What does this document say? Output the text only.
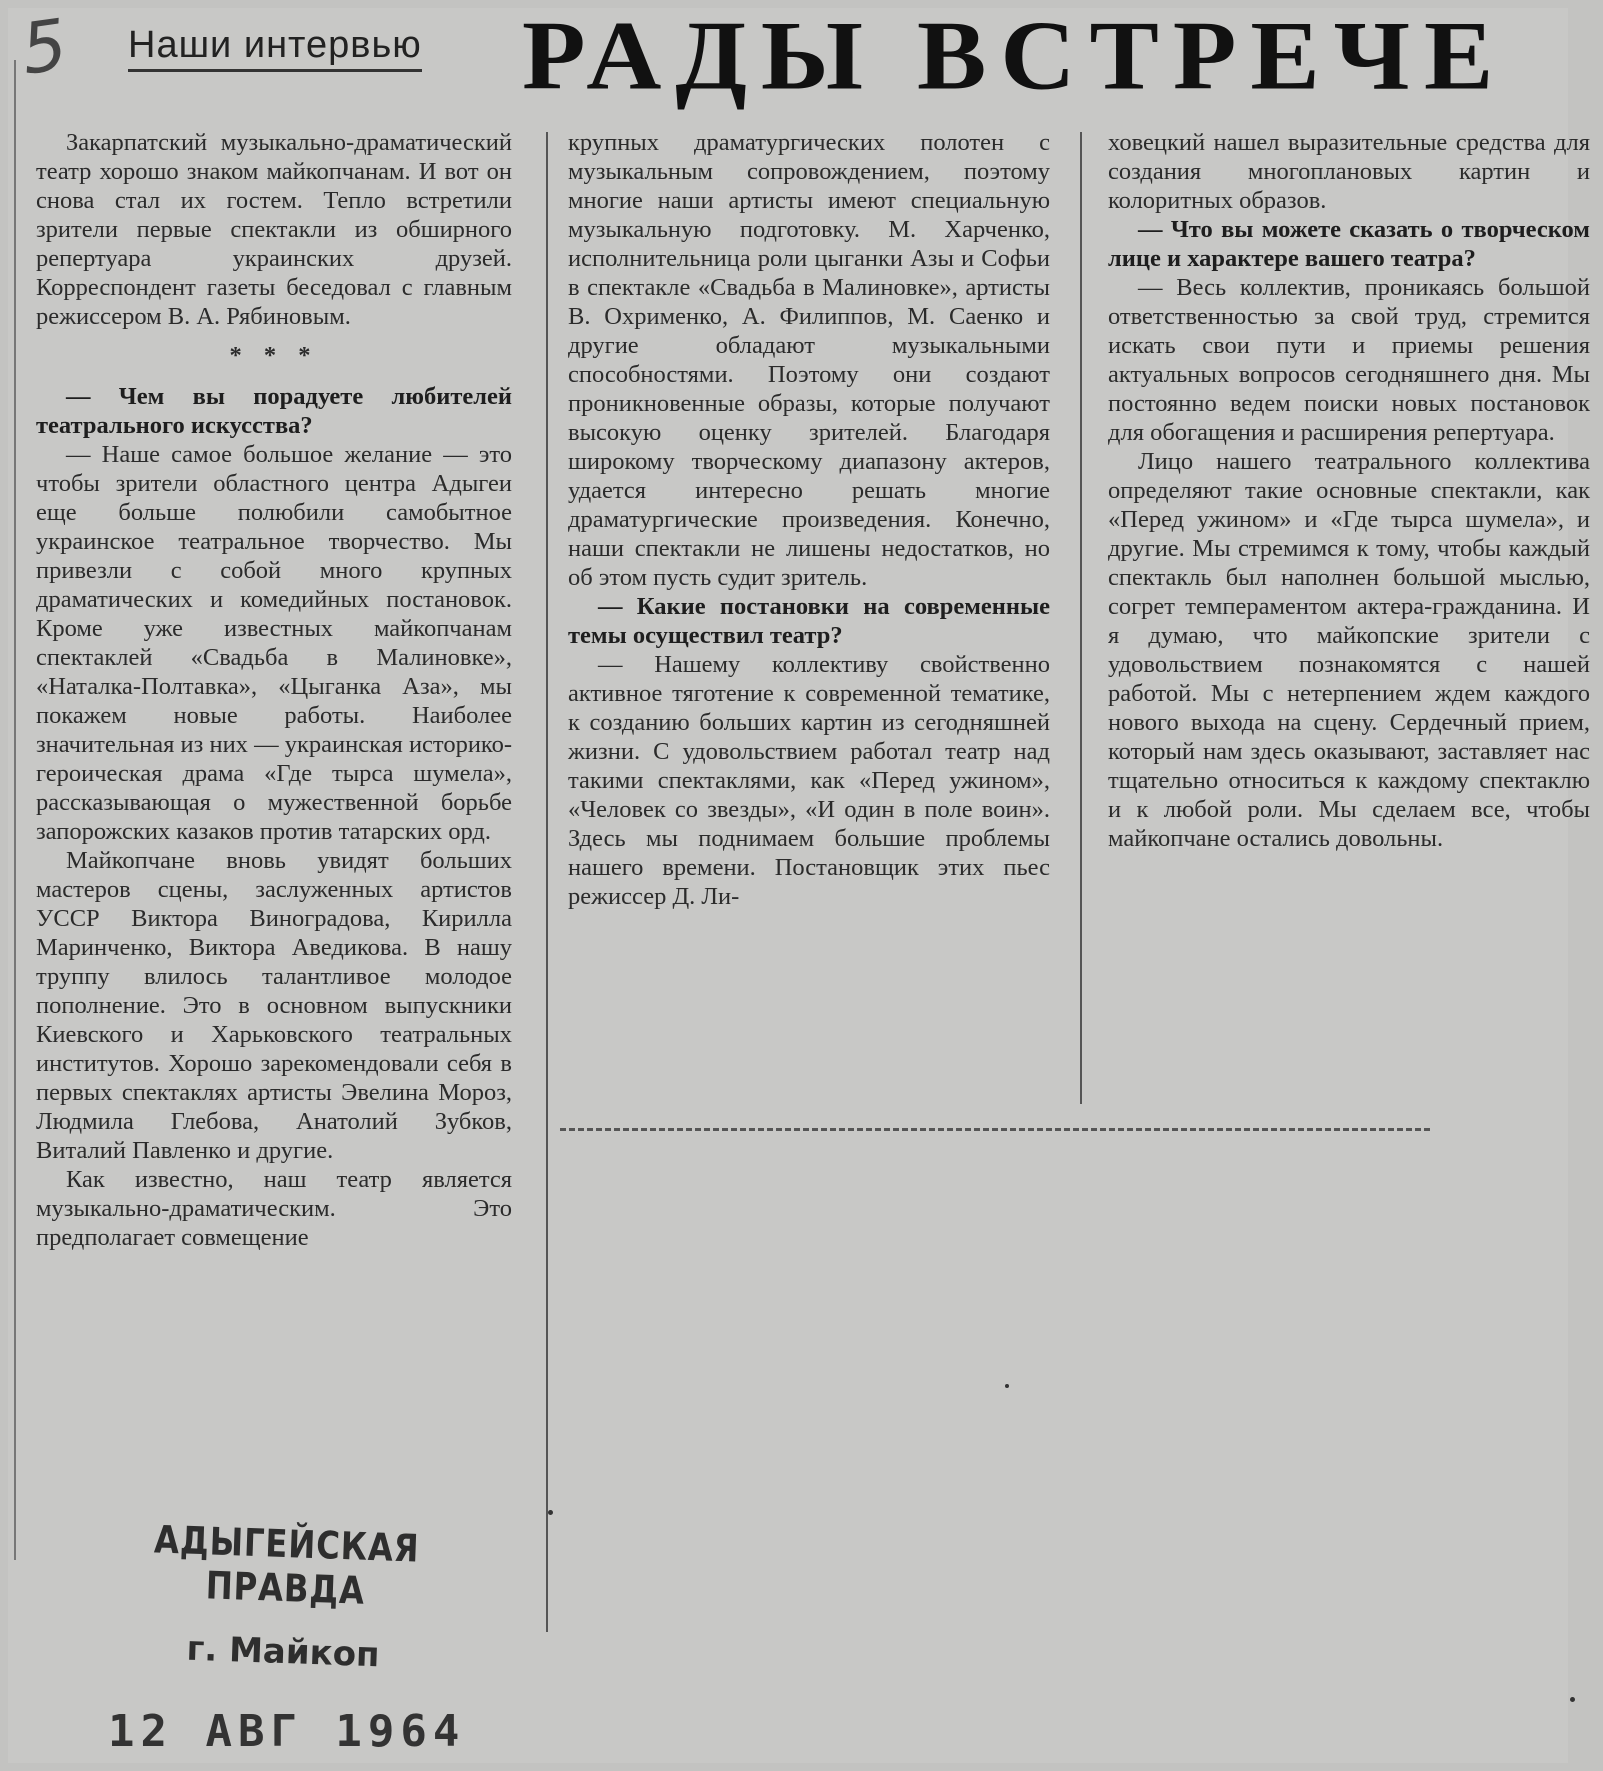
5 Наши интервью РАДЫ ВСТРЕЧЕ

Закарпатский музыкально-драматический театр хорошо знаком майкопчанам. И вот он снова стал их гостем. Тепло встретили зрители первые спектакли из обширного репертуара украинских друзей. Корреспондент газеты беседовал с главным режиссером В. А. Рябиновым.

* * *

— Чем вы порадуете любителей театрального искусства?

— Наше самое большое желание — это чтобы зрители областного центра Адыгеи еще больше полюбили самобытное украинское театральное творчество. Мы привезли с собой много крупных драматических и комедийных постановок. Кроме уже известных майкопчанам спектаклей «Свадьба в Малиновке», «Наталка-Полтавка», «Цыганка Аза», мы покажем новые работы. Наиболее значительная из них — украинская историко-героическая драма «Где тырса шумела», рассказывающая о мужественной борьбе запорожских казаков против татарских орд.

Майкопчане вновь увидят больших мастеров сцены, заслуженных артистов УССР Виктора Виноградова, Кирилла Маринченко, Виктора Аведикова. В нашу труппу влилось талантливое молодое пополнение. Это в основном выпускники Киевского и Харьковского театральных институтов. Хорошо зарекомендовали себя в первых спектаклях артисты Эвелина Мороз, Людмила Глебова, Анатолий Зубков, Виталий Павленко и другие.

Как известно, наш театр является музыкально-драматическим. Это предполагает совмещение

крупных драматургических полотен с музыкальным сопровождением, поэтому многие наши артисты имеют специальную музыкальную подготовку. М. Харченко, исполнительница роли цыганки Азы и Софьи в спектакле «Свадьба в Малиновке», артисты В. Охрименко, А. Филиппов, М. Саенко и другие обладают музыкальными способностями. Поэтому они создают проникновенные образы, которые получают высокую оценку зрителей. Благодаря широкому творческому диапазону актеров, удается интересно решать многие драматургические произведения. Конечно, наши спектакли не лишены недостатков, но об этом пусть судит зритель.

— Какие постановки на современные темы осуществил театр?

— Нашему коллективу свойственно активное тяготение к современной тематике, к созданию больших картин из сегодняшней жизни. С удовольствием работал театр над такими спектаклями, как «Перед ужином», «Человек со звезды», «И один в поле воин». Здесь мы поднимаем большие проблемы нашего времени. Постановщик этих пьес режиссер Д. Ли-

ховецкий нашел выразительные средства для создания многоплановых картин и колоритных образов.

— Что вы можете сказать о творческом лице и характере вашего театра?

— Весь коллектив, проникаясь большой ответственностью за свой труд, стремится искать свои пути и приемы решения актуальных вопросов сегодняшнего дня. Мы постоянно ведем поиски новых постановок для обогащения и расширения репертуара.

Лицо нашего театрального коллектива определяют такие основные спектакли, как «Перед ужином» и «Где тырса шумела», и другие. Мы стремимся к тому, чтобы каждый спектакль был наполнен большой мыслью, согрет темпераментом актера-гражданина. И я думаю, что майкопские зрители с удовольствием познакомятся с нашей работой. Мы с нетерпением ждем каждого нового выхода на сцену. Сердечный прием, который нам здесь оказывают, заставляет нас тщательно относиться к каждому спектаклю и к любой роли. Мы сделаем все, чтобы майкопчане остались довольны.

АДЫГЕЙСКАЯ ПРАВДА
г. Майкоп
12 АВГ 1964
